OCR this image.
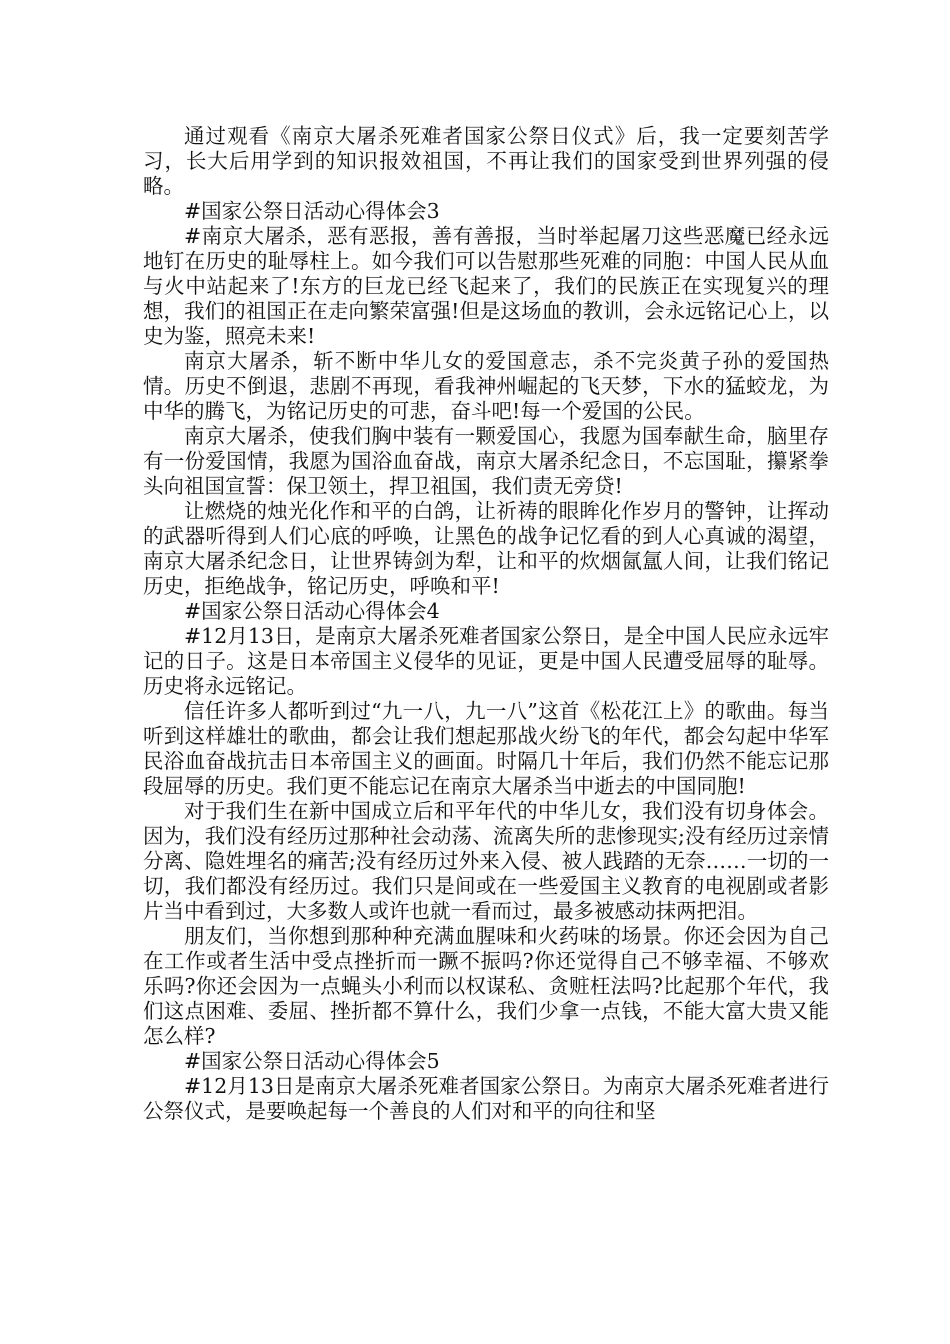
通过观看《南京大屠杀死难者国家公祭日仪式》后，我一定要刻苦学习，长大后用学到的知识报效祖国，不再让我们的国家受到世界列强的侵略。

#国家公祭日活动心得体会3

#南京大屠杀，恶有恶报，善有善报，当时举起屠刀这些恶魔已经永远地钉在历史的耻辱柱上。如今我们可以告慰那些死难的同胞：中国人民从血与火中站起来了!东方的巨龙已经飞起来了，我们的民族正在实现复兴的理想，我们的祖国正在走向繁荣富强!但是这场血的教训，会永远铭记心上，以史为鉴，照亮未来!

南京大屠杀，斩不断中华儿女的爱国意志，杀不完炎黄子孙的爱国热情。历史不倒退，悲剧不再现，看我神州崛起的飞天梦，下水的猛蛟龙，为中华的腾飞，为铭记历史的可悲，奋斗吧!每一个爱国的公民。

南京大屠杀，使我们胸中装有一颗爱国心，我愿为国奉献生命，脑里存有一份爱国情，我愿为国浴血奋战，南京大屠杀纪念日，不忘国耻，攥紧拳头向祖国宣誓：保卫领土，捍卫祖国，我们责无旁贷!

让燃烧的烛光化作和平的白鸽，让祈祷的眼眸化作岁月的警钟，让挥动的武器听得到人们心底的呼唤，让黑色的战争记忆看的到人心真诚的渴望，南京大屠杀纪念日，让世界铸剑为犁，让和平的炊烟氤氲人间，让我们铭记历史，拒绝战争，铭记历史，呼唤和平!

#国家公祭日活动心得体会4

#12月13日，是南京大屠杀死难者国家公祭日，是全中国人民应永远牢记的日子。这是日本帝国主义侵华的见证，更是中国人民遭受屈辱的耻辱。历史将永远铭记。

信任许多人都听到过“九一八，九一八”这首《松花江上》的歌曲。每当听到这样雄壮的歌曲，都会让我们想起那战火纷飞的年代，都会勾起中华军民浴血奋战抗击日本帝国主义的画面。时隔几十年后，我们仍然不能忘记那段屈辱的历史。我们更不能忘记在南京大屠杀当中逝去的中国同胞!

对于我们生在新中国成立后和平年代的中华儿女，我们没有切身体会。因为，我们没有经历过那种社会动荡、流离失所的悲惨现实;没有经历过亲情分离、隐姓埋名的痛苦;没有经历过外来入侵、被人践踏的无奈……一切的一切，我们都没有经历过。我们只是间或在一些爱国主义教育的电视剧或者影片当中看到过，大多数人或许也就一看而过，最多被感动抹两把泪。

朋友们，当你想到那种种充满血腥味和火药味的场景。你还会因为自己在工作或者生活中受点挫折而一蹶不振吗?你还觉得自己不够幸福、不够欢乐吗?你还会因为一点蝇头小利而以权谋私、贪赃枉法吗?比起那个年代，我们这点困难、委屈、挫折都不算什么，我们少拿一点钱，不能大富大贵又能怎么样?

#国家公祭日活动心得体会5

#12月13日是南京大屠杀死难者国家公祭日。为南京大屠杀死难者进行公祭仪式，是要唤起每一个善良的人们对和平的向往和坚
